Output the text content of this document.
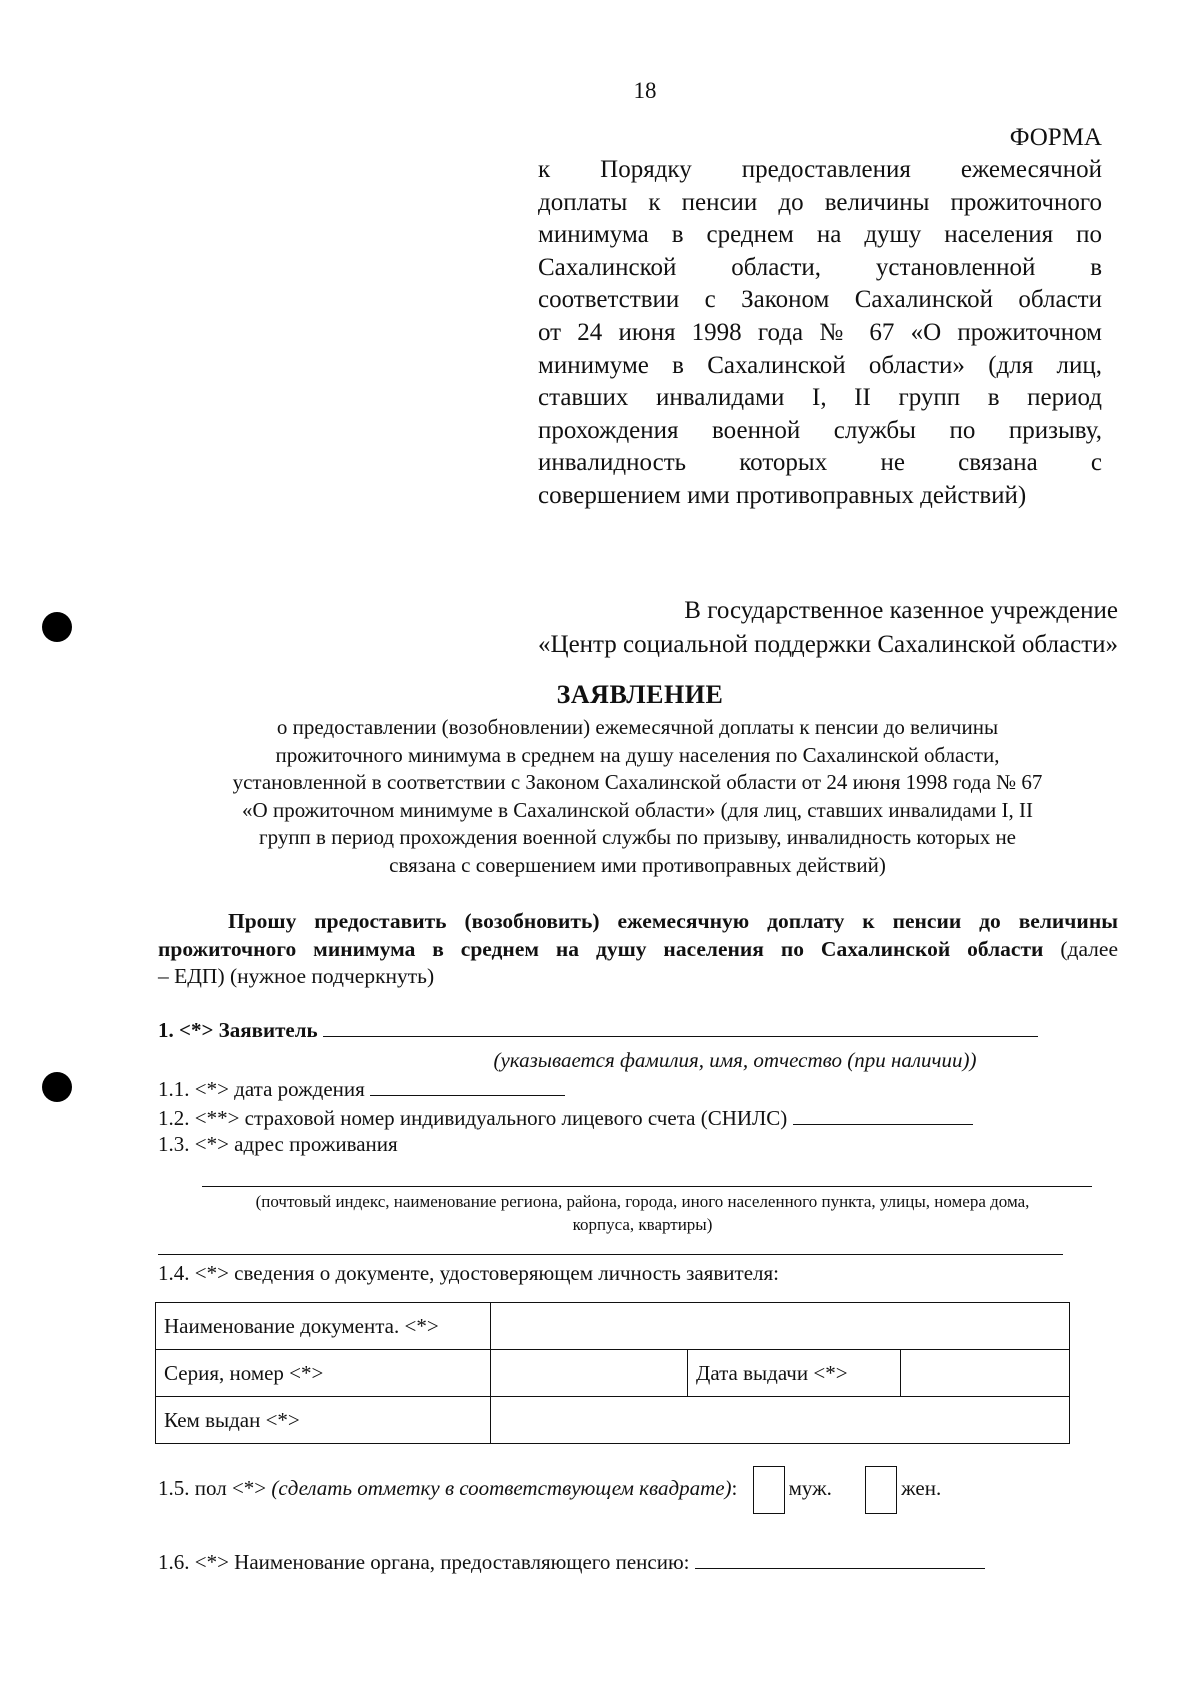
18
ФОРМА
к Порядку предоставления ежемесячной
доплаты к пенсии до величины прожиточного
минимума в среднем на душу населения по
Сахалинской области, установленной в
соответствии с Законом Сахалинской области
от 24 июня 1998 года № 67 «О прожиточном
минимуме в Сахалинской области» (для лиц,
ставших инвалидами I, II групп в период
прохождения военной службы по призыву,
инвалидность которых не связана с
совершением ими противоправных действий)
В государственное казенное учреждение
«Центр социальной поддержки Сахалинской области»
ЗАЯВЛЕНИЕ
о предоставлении (возобновлении) ежемесячной доплаты к пенсии до величины
прожиточного минимума в среднем на душу населения по Сахалинской области,
установленной в соответствии с Законом Сахалинской области от 24 июня 1998 года № 67
«О прожиточном минимуме в Сахалинской области» (для лиц, ставших инвалидами I, II
групп в период прохождения военной службы по призыву, инвалидность которых не
связана с совершением ими противоправных действий)
Прошу предоставить (возобновить) ежемесячную доплату к пенсии до величины
прожиточного минимума в среднем на душу населения по Сахалинской области (далее
– ЕДП) (нужное подчеркнуть)
1. <*> Заявитель
(указывается фамилия, имя, отчество (при наличии))
1.1. <*> дата рождения
1.2. <**> страховой номер индивидуального лицевого счета (СНИЛС)
1.3. <*> адрес проживания
(почтовый индекс, наименование региона, района, города, иного населенного пункта, улицы, номера дома,
корпуса, квартиры)
1.4. <*> сведения о документе, удостоверяющем личность заявителя:
Наименование документа. <*>			
Серия, номер <*>		Дата выдачи <*>	
Кем выдан <*>			
1.5. пол <*> (сделать отметку в соответствующем квадрате): муж.	жен.
1.6. <*> Наименование органа, предоставляющего пенсию:
